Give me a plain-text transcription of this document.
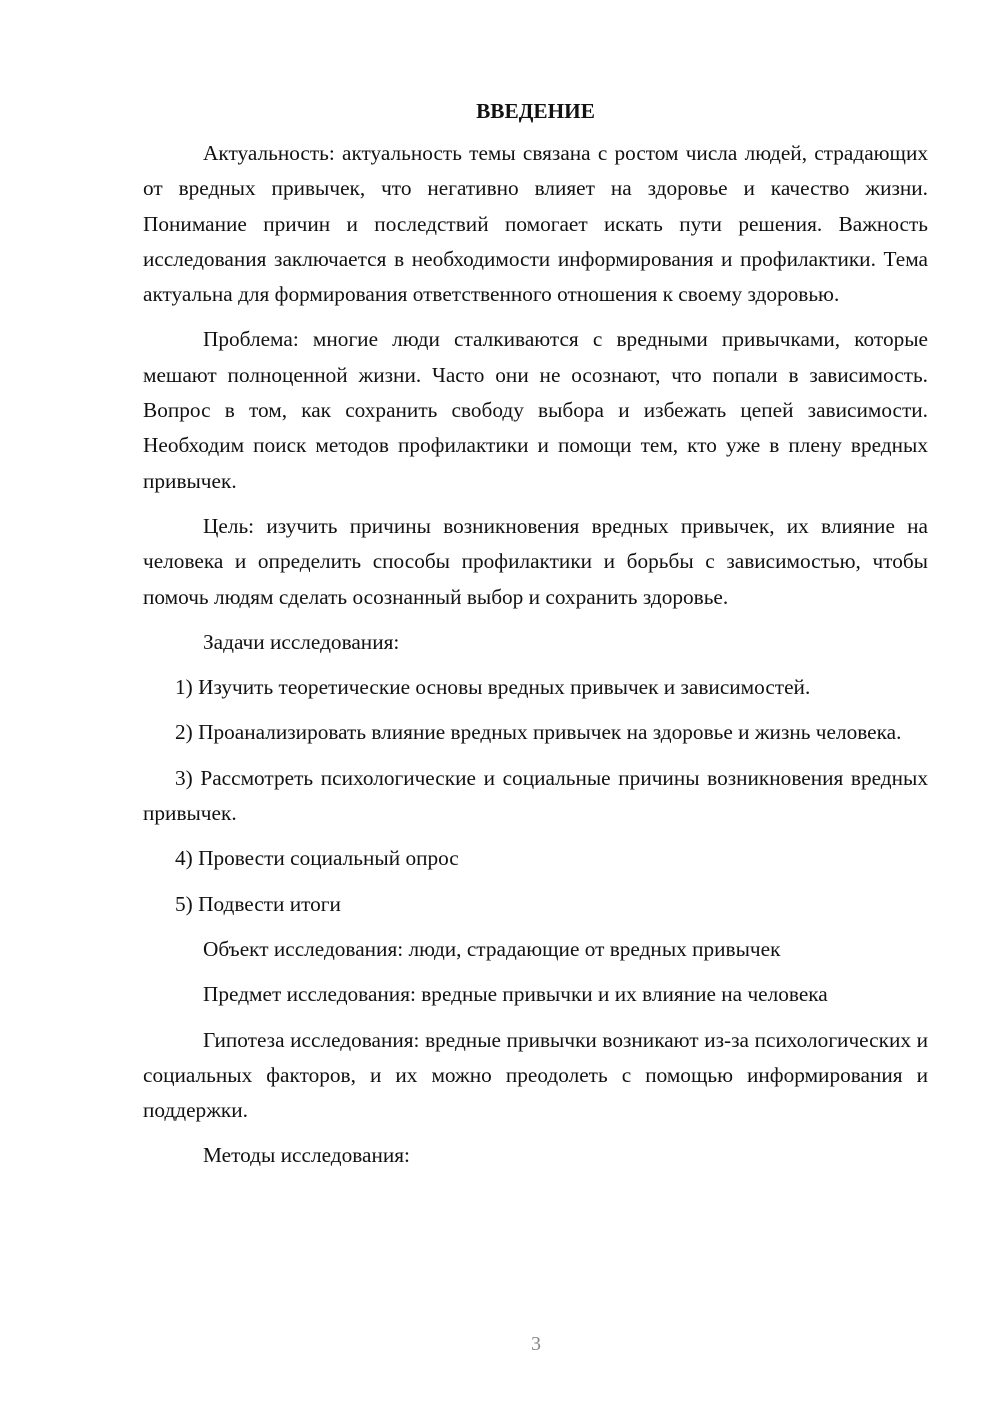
ВВЕДЕНИЕ

Актуальность: актуальность темы связана с ростом числа людей, страдающих от вредных привычек, что негативно влияет на здоровье и качество жизни. Понимание причин и последствий помогает искать пути решения. Важность исследования заключается в необходимости информирования и профилактики. Тема актуальна для формирования ответственного отношения к своему здоровью.

Проблема: многие люди сталкиваются с вредными привычками, которые мешают полноценной жизни. Часто они не осознают, что попали в зависимость. Вопрос в том, как сохранить свободу выбора и избежать цепей зависимости. Необходим поиск методов профилактики и помощи тем, кто уже в плену вредных привычек.

Цель: изучить причины возникновения вредных привычек, их влияние на человека и определить способы профилактики и борьбы с зависимостью, чтобы помочь людям сделать осознанный выбор и сохранить здоровье.

Задачи исследования:

1) Изучить теоретические основы вредных привычек и зависимостей.

2) Проанализировать влияние вредных привычек на здоровье и жизнь человека.

3) Рассмотреть психологические и социальные причины возникновения вредных привычек.

4) Провести социальный опрос

5) Подвести итоги

Объект исследования: люди, страдающие от вредных привычек

Предмет исследования: вредные привычки и их влияние на человека

Гипотеза исследования: вредные привычки возникают из-за психологических и социальных факторов, и их можно преодолеть с помощью информирования и поддержки.

Методы исследования:

3
